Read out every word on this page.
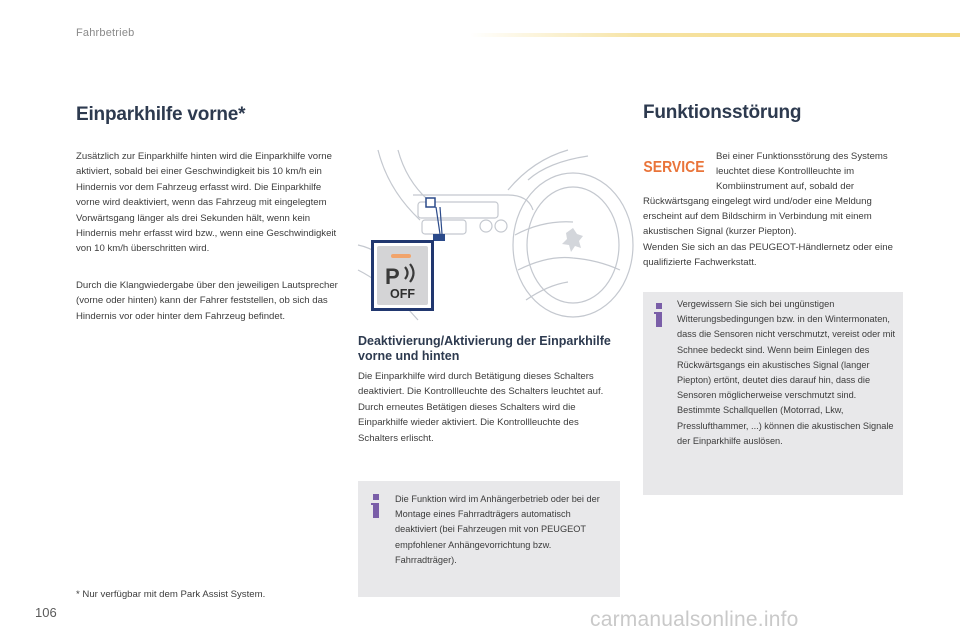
Fahrbetrieb
Einparkhilfe vorne*

Zusätzlich zur Einparkhilfe hinten wird die Einparkhilfe vorne aktiviert, sobald bei einer Geschwindigkeit bis 10 km/h ein Hindernis vor dem Fahrzeug erfasst wird. Die Einparkhilfe vorne wird deaktiviert, wenn das Fahrzeug mit eingelegtem Vorwärtsgang länger als drei Sekunden hält, wenn kein Hindernis mehr erfasst wird bzw., wenn eine Geschwindigkeit von 10 km/h überschritten wird.

Durch die Klangwiedergabe über den jeweiligen Lautsprecher (vorne oder hinten) kann der Fahrer feststellen, ob sich das Hindernis vor oder hinter dem Fahrzeug befindet.

* Nur verfügbar mit dem Park Assist System.
P
OFF
Deaktivierung/Aktivierung der Einparkhilfe vorne und hinten

Die Einparkhilfe wird durch Betätigung dieses Schalters deaktiviert. Die Kontrollleuchte des Schalters leuchtet auf.
Durch erneutes Betätigen dieses Schalters wird die Einparkhilfe wieder aktiviert. Die Kontrollleuchte des Schalters erlischt.

Die Funktion wird im Anhängerbetrieb oder bei der Montage eines Fahrradträgers automatisch deaktiviert (bei Fahrzeugen mit von PEUGEOT empfohlener Anhängevorrichtung bzw. Fahrradträger).
Funktionsstörung
SERVICE
Bei einer Funktionsstörung des Systems leuchtet diese Kontrollleuchte im Kombiinstrument auf, sobald der
Rückwärtsgang eingelegt wird und/oder eine Meldung erscheint auf dem Bildschirm in Verbindung mit einem akustischen Signal (kurzer Piepton).
Wenden Sie sich an das PEUGEOT-Händlernetz oder eine qualifizierte Fachwerkstatt.
Vergewissern Sie sich bei ungünstigen Witterungsbedingungen bzw. in den Wintermonaten, dass die Sensoren nicht verschmutzt, vereist oder mit Schnee bedeckt sind. Wenn beim Einlegen des Rückwärtsgangs ein akustisches Signal (langer Piepton) ertönt, deutet dies darauf hin, dass die Sensoren möglicherweise verschmutzt sind.
Bestimmte Schallquellen (Motorrad, Lkw, Presslufthammer, ...) können die akustischen Signale der Einparkhilfe auslösen.
106	carmanualsonline.info
